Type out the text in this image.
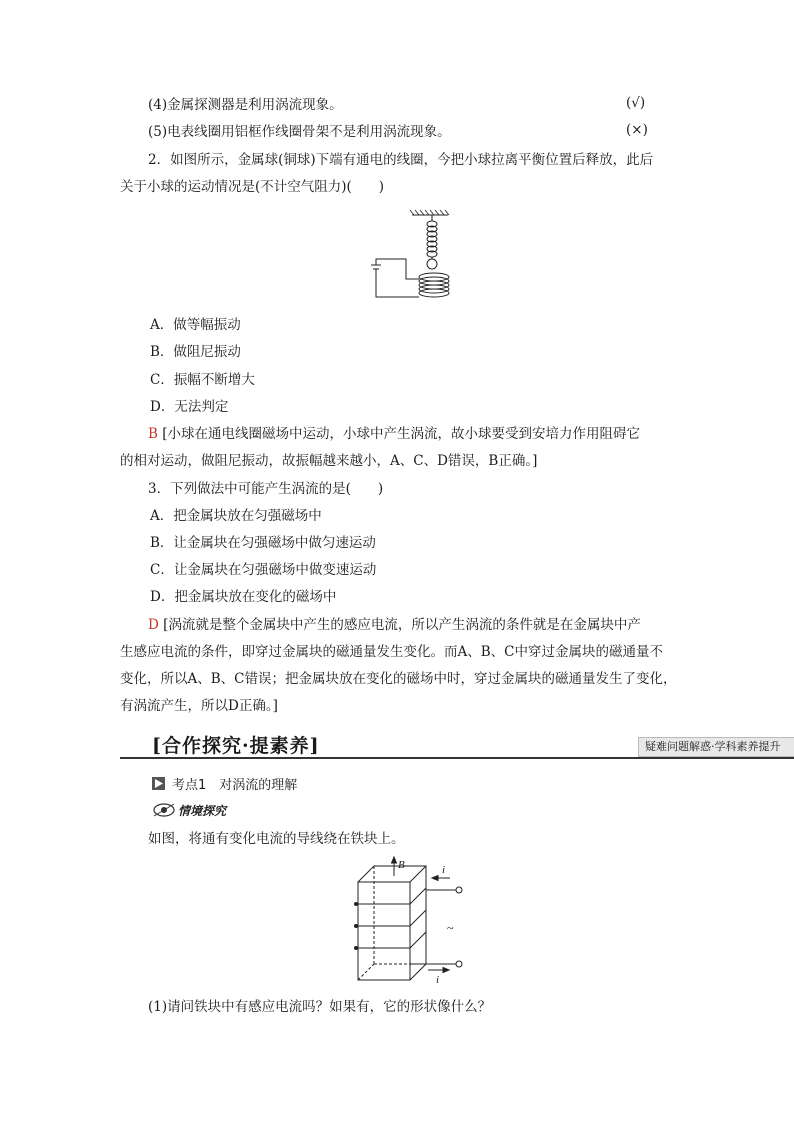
(4)金属探测器是利用涡流现象。	(√)
(5)电表线圈用铝框作线圈骨架不是利用涡流现象。	(×)
2．如图所示，金属球(铜球)下端有通电的线圈，今把小球拉离平衡位置后释放，此后
关于小球的运动情况是(不计空气阻力)(　　)
A．做等幅振动
B．做阻尼振动
C．振幅不断增大
D．无法判定
B [小球在通电线圈磁场中运动，小球中产生涡流，故小球要受到安培力作用阻碍它
的相对运动，做阻尼振动，故振幅越来越小，A、C、D错误，B正确。]
3．下列做法中可能产生涡流的是(　　)
A．把金属块放在匀强磁场中
B．让金属块在匀强磁场中做匀速运动
C．让金属块在匀强磁场中做变速运动
D．把金属块放在变化的磁场中
D [涡流就是整个金属块中产生的感应电流，所以产生涡流的条件就是在金属块中产
生感应电流的条件，即穿过金属块的磁通量发生变化。而A、B、C中穿过金属块的磁通量不
变化，所以A、B、C错误；把金属块放在变化的磁场中时，穿过金属块的磁通量发生了变化，
有涡流产生，所以D正确。]
[合作探究·提素养]	疑难问题解惑·学科素养提升
考点1　对涡流的理解
情境探究
如图，将通有变化电流的导线绕在铁块上。
B	i
i
~
(1)请问铁块中有感应电流吗？如果有，它的形状像什么？
